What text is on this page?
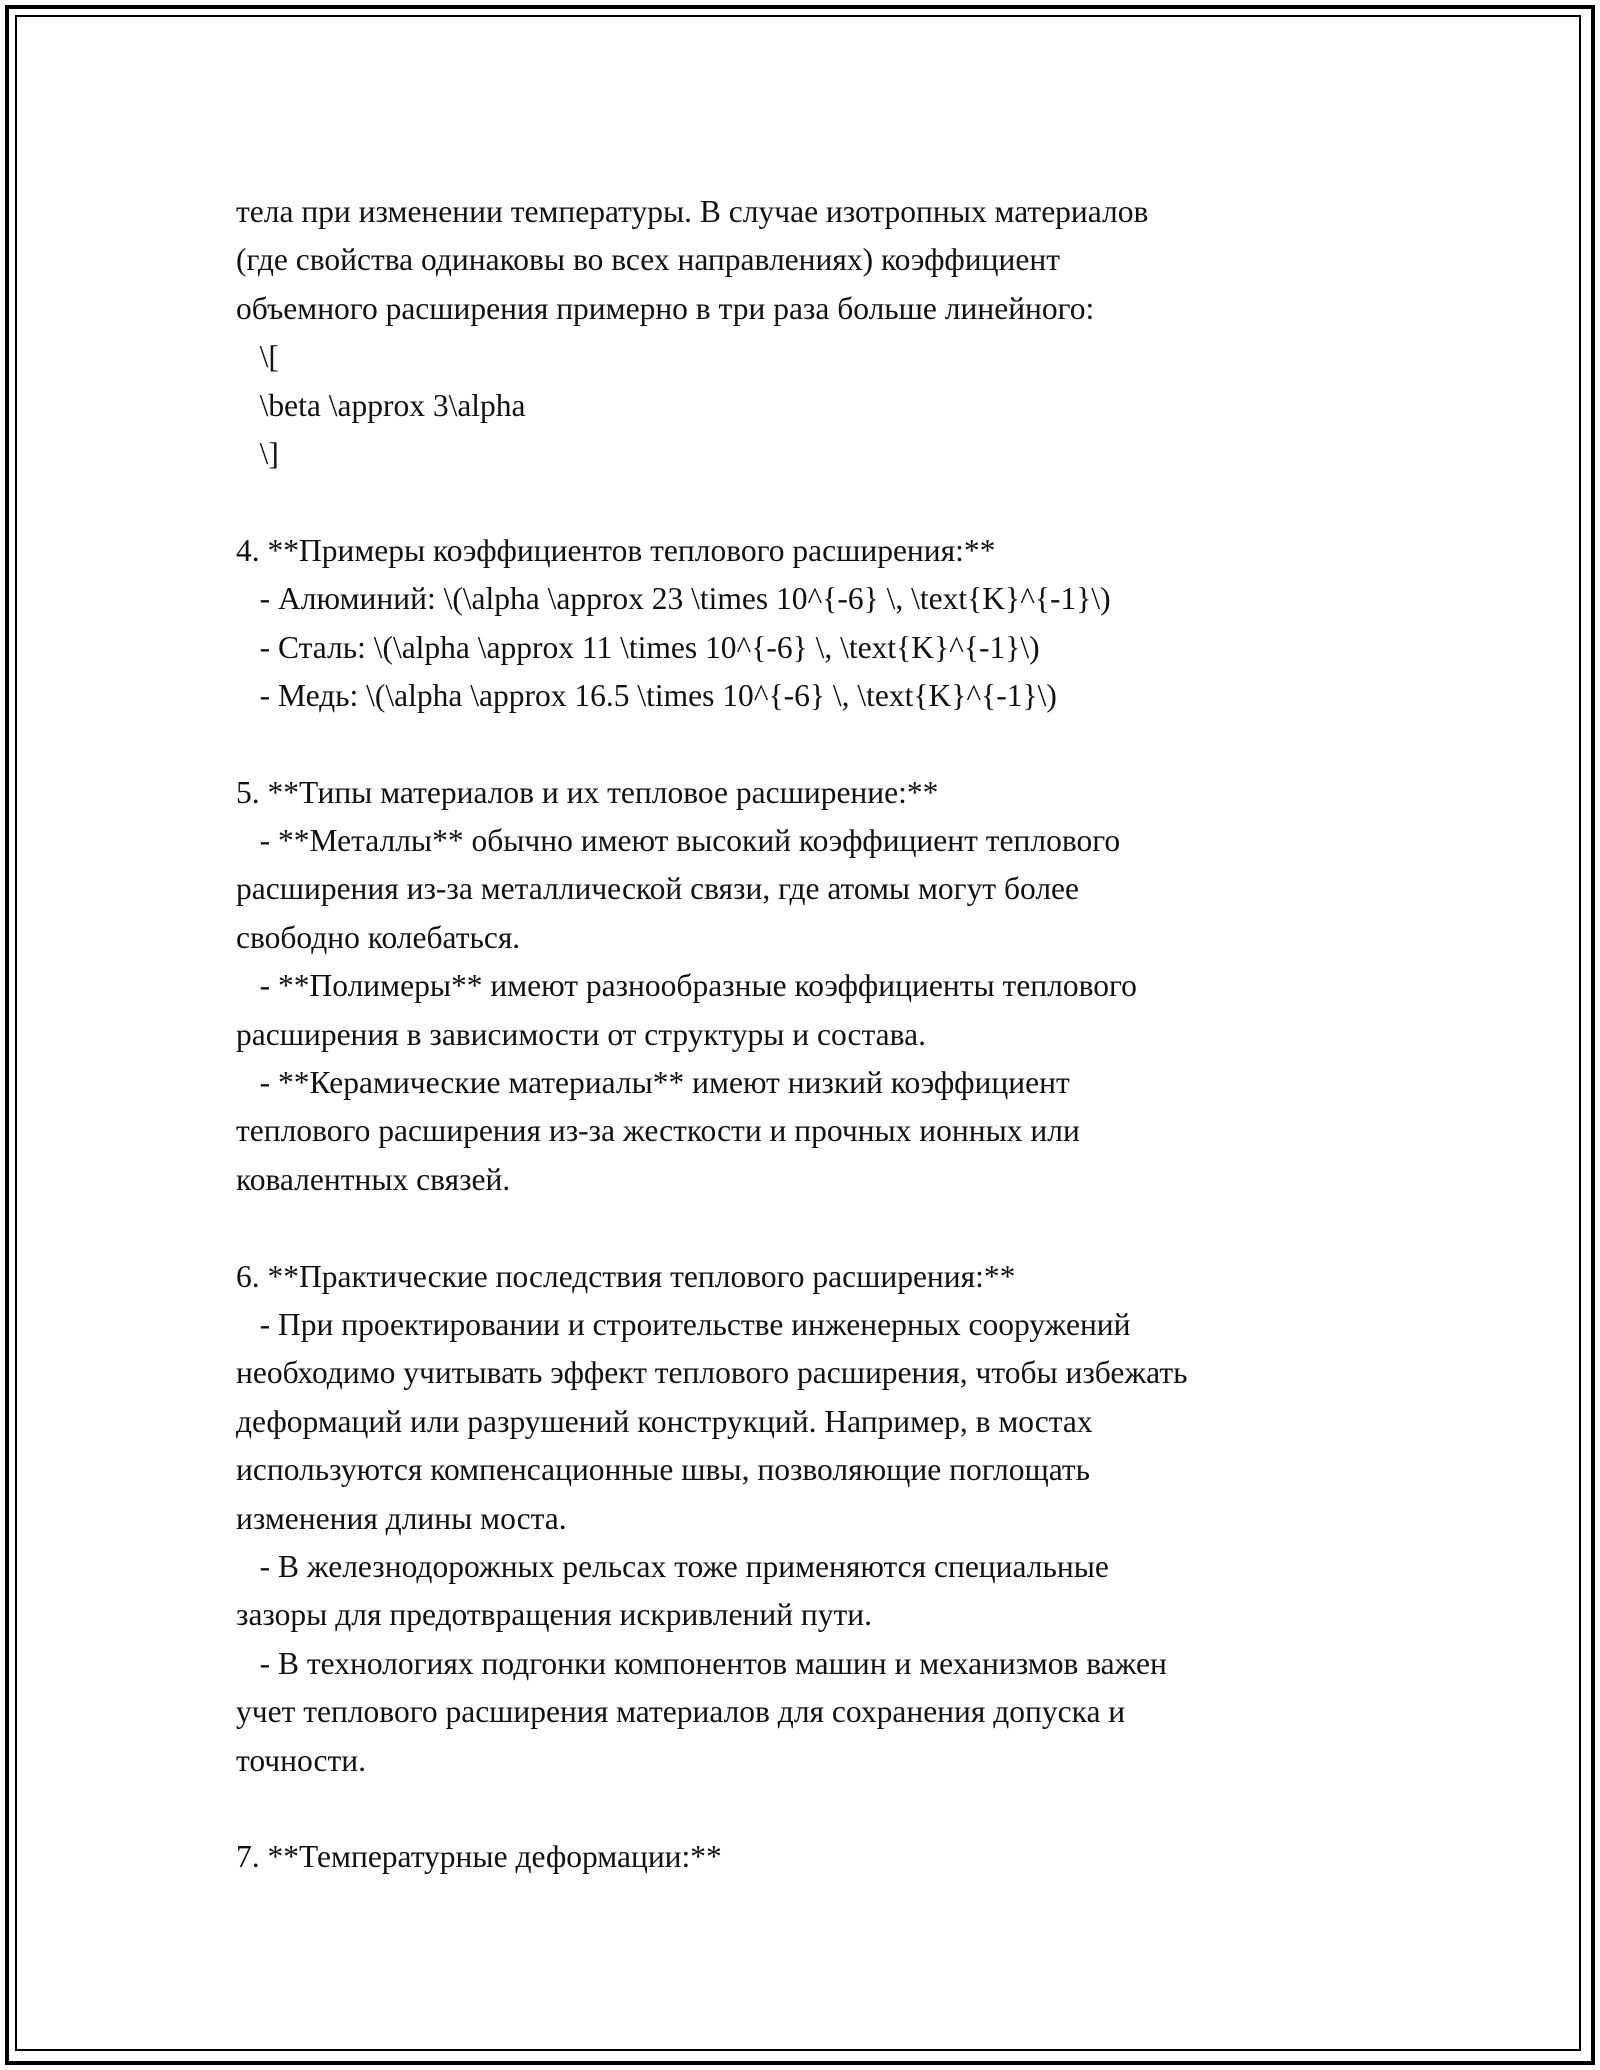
тела при изменении температуры. В случае изотропных материалов
(где свойства одинаковы во всех направлениях) коэффициент
объемного расширения примерно в три раза больше линейного:
\[
\beta \approx 3\alpha
\]
4. **Примеры коэффициентов теплового расширения:**
- Алюминий: \(\alpha \approx 23 \times 10^{-6} \, \text{K}^{-1}\)
- Сталь: \(\alpha \approx 11 \times 10^{-6} \, \text{K}^{-1}\)
- Медь: \(\alpha \approx 16.5 \times 10^{-6} \, \text{K}^{-1}\)
5. **Типы материалов и их тепловое расширение:**
- **Металлы** обычно имеют высокий коэффициент теплового
расширения из-за металлической связи, где атомы могут более
свободно колебаться.
- **Полимеры** имеют разнообразные коэффициенты теплового
расширения в зависимости от структуры и состава.
- **Керамические материалы** имеют низкий коэффициент
теплового расширения из-за жесткости и прочных ионных или
ковалентных связей.
6. **Практические последствия теплового расширения:**
- При проектировании и строительстве инженерных сооружений
необходимо учитывать эффект теплового расширения, чтобы избежать
деформаций или разрушений конструкций. Например, в мостах
используются компенсационные швы, позволяющие поглощать
изменения длины моста.
- В железнодорожных рельсах тоже применяются специальные
зазоры для предотвращения искривлений пути.
- В технологиях подгонки компонентов машин и механизмов важен
учет теплового расширения материалов для сохранения допуска и
точности.
7. **Температурные деформации:**
